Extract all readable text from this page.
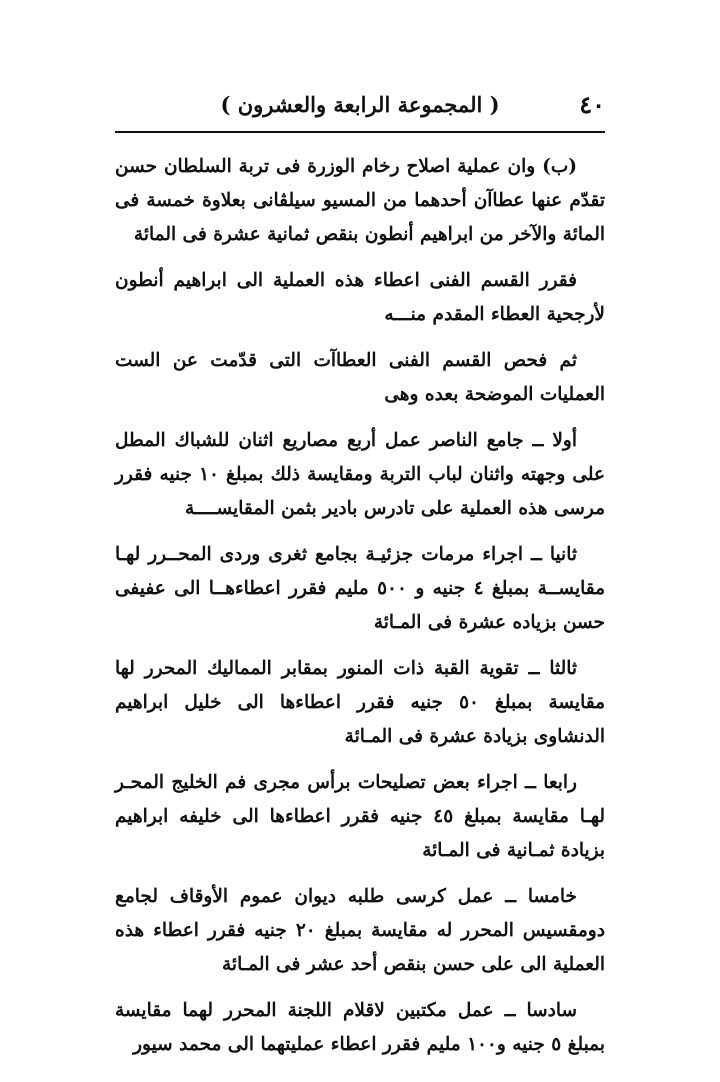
٤٠
( المجموعة الرابعة والعشرون )

(ب) وان عملية اصلاح رخام الوزرة فى تربة السلطان حسن تقدّم عنها عطاآن أحدهما من المسيو سيلڤانى بعلاوة خمسة فى المائة والآخر من ابراهيم أنطون بنقص ثمانية عشرة فى المائة

فقرر القسم الفنى اعطاء هذه العملية الى ابراهيم أنطون لأرجحية العطاء المقدم منـــه

ثم فحص القسم الفنى العطاآت التى قدّمت عن الست العمليات الموضحة بعده وهى

أولا ــ جامع الناصر عمل أربع مصاريع اثنان للشباك المطل على وجهته واثنان لباب التربة ومقايسة ذلك بمبلغ ١٠ جنيه فقرر مرسى هذه العملية على تادرس بادير بثمن المقايســــة

ثانيا ــ اجراء مرمات جزئيـة بجامع ثغرى وردى المحــرر لهـا مقايســة بمبلغ ٤ جنيه و ٥٠٠ مليم فقرر اعطاءهــا الى عفيفى حسن بزياده عشرة فى المـائة

ثالثا ــ تقوية القبة ذات المنور بمقابر المماليك المحرر لها مقايسة بمبلغ ٥٠ جنيه فقرر اعطاءها الى خليل ابراهيم الدنشاوى بزيادة عشرة فى المـائة

رابعا ــ اجراء بعض تصليحات برأس مجرى فم الخليج المحـر لهـا مقايسة بمبلغ ٤٥ جنيه فقرر اعطاءها الى خليفه ابراهيم بزيادة ثمـانية فى المـائة

خامسا ــ عمل كرسى طلبه ديوان عموم الأوقاف لجامع دومقسيس المحرر له مقايسة بمبلغ ٢٠ جنيه فقرر اعطاء هذه العملية الى على حسن بنقص أحد عشر فى المـائة

سادسا ــ عمل مكتبين لاقلام اللجنة المحرر لهما مقايسة بمبلغ ٥ جنيه و١٠٠ مليم فقرر اعطاء عمليتهما الى محمد سيور
